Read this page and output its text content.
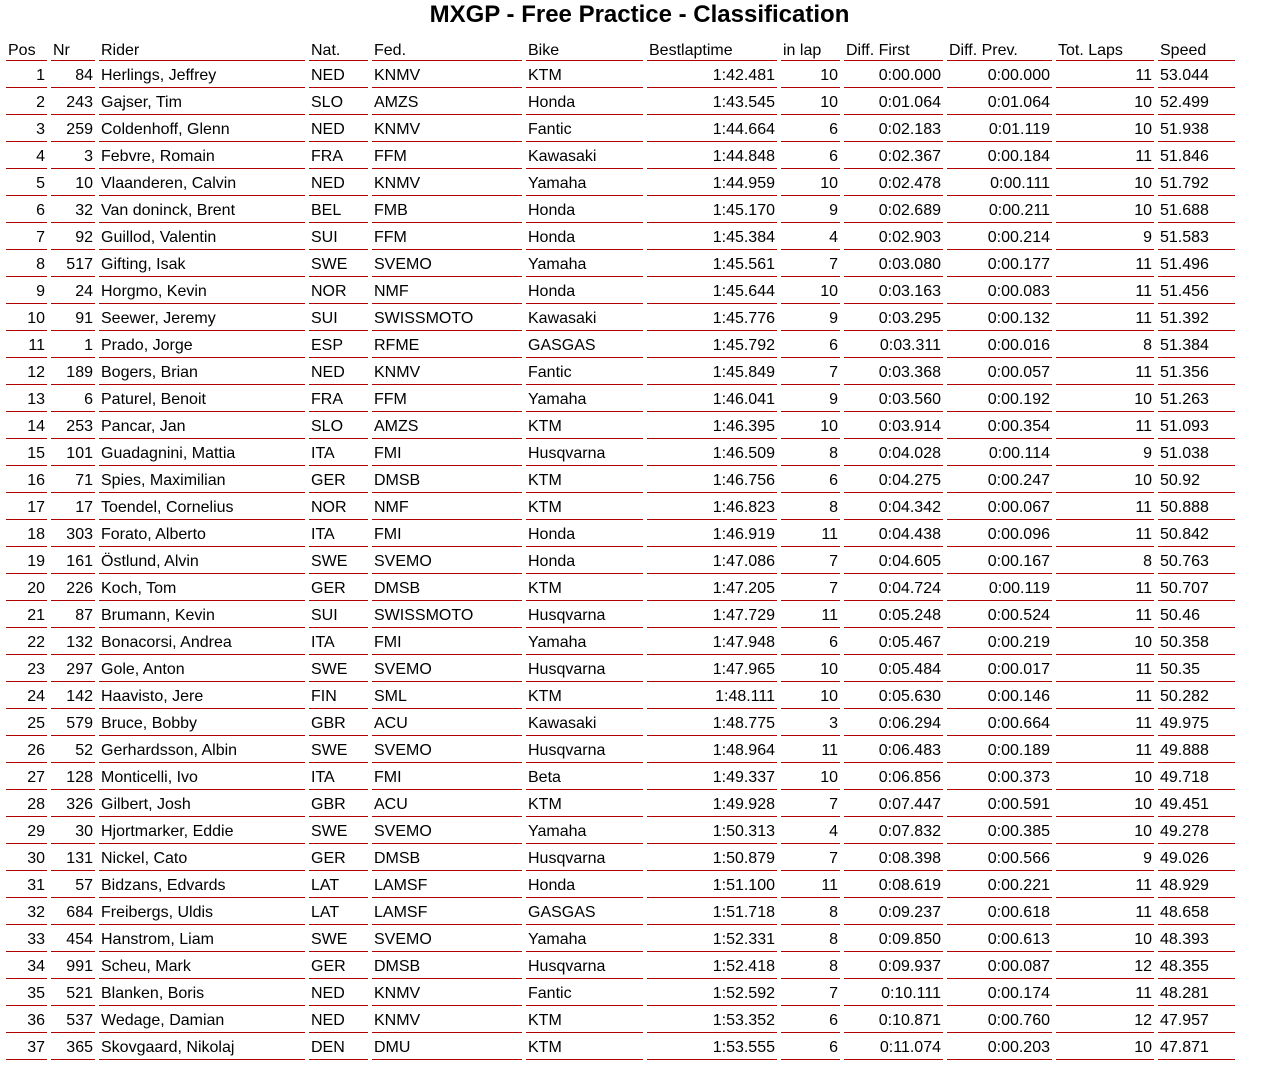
MXGP - Free Practice - Classification
Pos	Nr	Rider	Nat.	Fed.	Bike	Bestlaptime	in lap	Diff. First	Diff. Prev.	Tot. Laps	Speed
1	84	Herlings, Jeffrey	NED	KNMV	KTM	1:42.481	10	0:00.000	0:00.000	11	53.044
2	243	Gajser, Tim	SLO	AMZS	Honda	1:43.545	10	0:01.064	0:01.064	10	52.499
3	259	Coldenhoff, Glenn	NED	KNMV	Fantic	1:44.664	6	0:02.183	0:01.119	10	51.938
4	3	Febvre, Romain	FRA	FFM	Kawasaki	1:44.848	6	0:02.367	0:00.184	11	51.846
5	10	Vlaanderen, Calvin	NED	KNMV	Yamaha	1:44.959	10	0:02.478	0:00.111	10	51.792
6	32	Van doninck, Brent	BEL	FMB	Honda	1:45.170	9	0:02.689	0:00.211	10	51.688
7	92	Guillod, Valentin	SUI	FFM	Honda	1:45.384	4	0:02.903	0:00.214	9	51.583
8	517	Gifting, Isak	SWE	SVEMO	Yamaha	1:45.561	7	0:03.080	0:00.177	11	51.496
9	24	Horgmo, Kevin	NOR	NMF	Honda	1:45.644	10	0:03.163	0:00.083	11	51.456
10	91	Seewer, Jeremy	SUI	SWISSMOTO	Kawasaki	1:45.776	9	0:03.295	0:00.132	11	51.392
11	1	Prado, Jorge	ESP	RFME	GASGAS	1:45.792	6	0:03.311	0:00.016	8	51.384
12	189	Bogers, Brian	NED	KNMV	Fantic	1:45.849	7	0:03.368	0:00.057	11	51.356
13	6	Paturel, Benoit	FRA	FFM	Yamaha	1:46.041	9	0:03.560	0:00.192	10	51.263
14	253	Pancar, Jan	SLO	AMZS	KTM	1:46.395	10	0:03.914	0:00.354	11	51.093
15	101	Guadagnini, Mattia	ITA	FMI	Husqvarna	1:46.509	8	0:04.028	0:00.114	9	51.038
16	71	Spies, Maximilian	GER	DMSB	KTM	1:46.756	6	0:04.275	0:00.247	10	50.92
17	17	Toendel, Cornelius	NOR	NMF	KTM	1:46.823	8	0:04.342	0:00.067	11	50.888
18	303	Forato, Alberto	ITA	FMI	Honda	1:46.919	11	0:04.438	0:00.096	11	50.842
19	161	Östlund, Alvin	SWE	SVEMO	Honda	1:47.086	7	0:04.605	0:00.167	8	50.763
20	226	Koch, Tom	GER	DMSB	KTM	1:47.205	7	0:04.724	0:00.119	11	50.707
21	87	Brumann, Kevin	SUI	SWISSMOTO	Husqvarna	1:47.729	11	0:05.248	0:00.524	11	50.46
22	132	Bonacorsi, Andrea	ITA	FMI	Yamaha	1:47.948	6	0:05.467	0:00.219	10	50.358
23	297	Gole, Anton	SWE	SVEMO	Husqvarna	1:47.965	10	0:05.484	0:00.017	11	50.35
24	142	Haavisto, Jere	FIN	SML	KTM	1:48.111	10	0:05.630	0:00.146	11	50.282
25	579	Bruce, Bobby	GBR	ACU	Kawasaki	1:48.775	3	0:06.294	0:00.664	11	49.975
26	52	Gerhardsson, Albin	SWE	SVEMO	Husqvarna	1:48.964	11	0:06.483	0:00.189	11	49.888
27	128	Monticelli, Ivo	ITA	FMI	Beta	1:49.337	10	0:06.856	0:00.373	10	49.718
28	326	Gilbert, Josh	GBR	ACU	KTM	1:49.928	7	0:07.447	0:00.591	10	49.451
29	30	Hjortmarker, Eddie	SWE	SVEMO	Yamaha	1:50.313	4	0:07.832	0:00.385	10	49.278
30	131	Nickel, Cato	GER	DMSB	Husqvarna	1:50.879	7	0:08.398	0:00.566	9	49.026
31	57	Bidzans, Edvards	LAT	LAMSF	Honda	1:51.100	11	0:08.619	0:00.221	11	48.929
32	684	Freibergs, Uldis	LAT	LAMSF	GASGAS	1:51.718	8	0:09.237	0:00.618	11	48.658
33	454	Hanstrom, Liam	SWE	SVEMO	Yamaha	1:52.331	8	0:09.850	0:00.613	10	48.393
34	991	Scheu, Mark	GER	DMSB	Husqvarna	1:52.418	8	0:09.937	0:00.087	12	48.355
35	521	Blanken, Boris	NED	KNMV	Fantic	1:52.592	7	0:10.111	0:00.174	11	48.281
36	537	Wedage, Damian	NED	KNMV	KTM	1:53.352	6	0:10.871	0:00.760	12	47.957
37	365	Skovgaard, Nikolaj	DEN	DMU	KTM	1:53.555	6	0:11.074	0:00.203	10	47.871
